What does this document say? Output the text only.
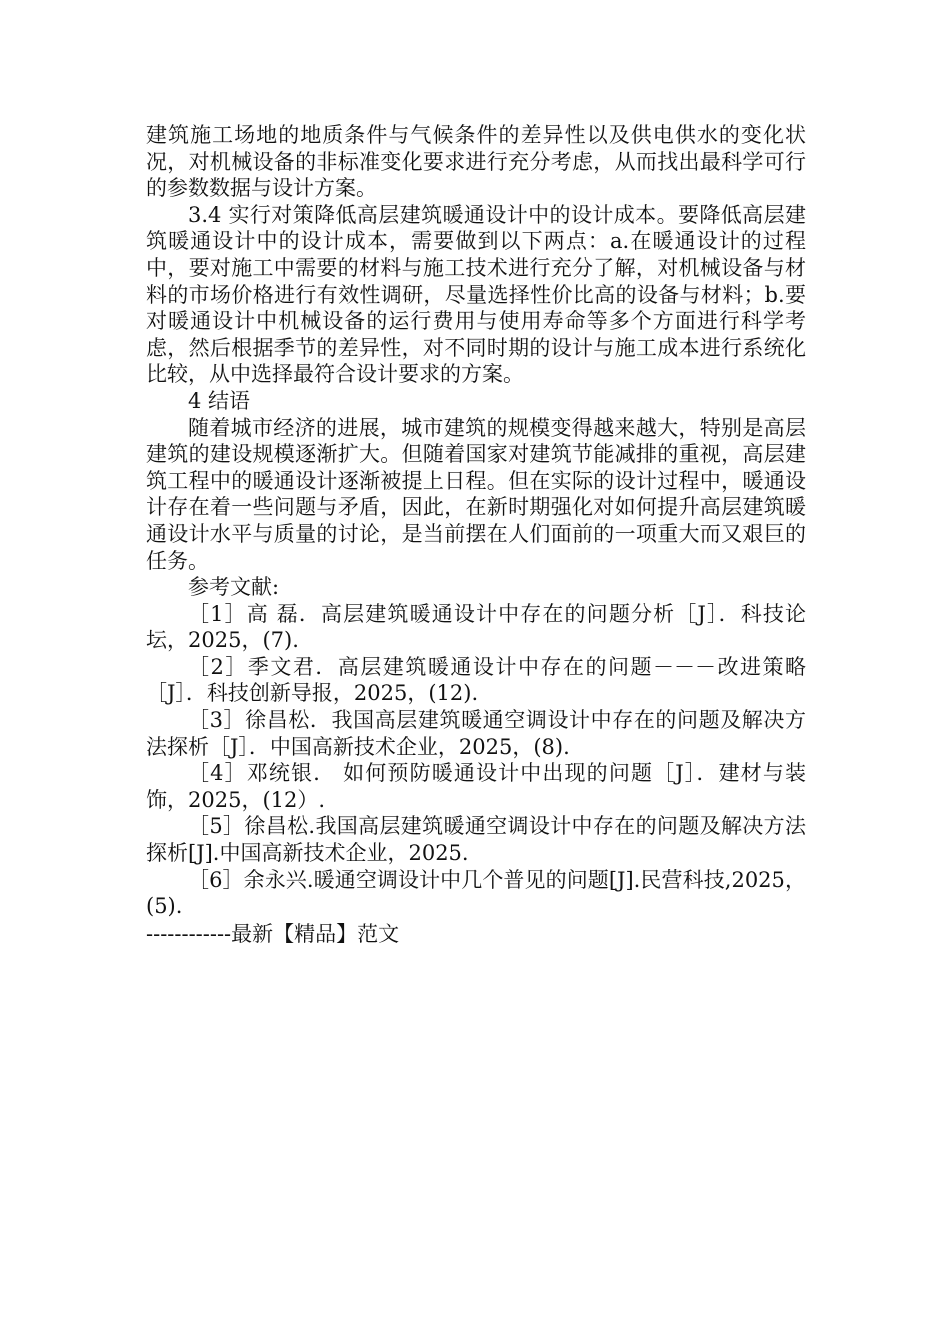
建筑施工场地的地质条件与气候条件的差异性以及供电供水的变化状况，对机械设备的非标准变化要求进行充分考虑，从而找出最科学可行的参数数据与设计方案。

3.4 实行对策降低高层建筑暖通设计中的设计成本。要降低高层建筑暖通设计中的设计成本，需要做到以下两点：a.在暖通设计的过程中，要对施工中需要的材料与施工技术进行充分了解，对机械设备与材料的市场价格进行有效性调研，尽量选择性价比高的设备与材料；b.要对暖通设计中机械设备的运行费用与使用寿命等多个方面进行科学考虑，然后根据季节的差异性，对不同时期的设计与施工成本进行系统化比较，从中选择最符合设计要求的方案。

4 结语

随着城市经济的进展，城市建筑的规模变得越来越大，特别是高层建筑的建设规模逐渐扩大。但随着国家对建筑节能减排的重视，高层建筑工程中的暖通设计逐渐被提上日程。但在实际的设计过程中，暖通设计存在着一些问题与矛盾，因此，在新时期强化对如何提升高层建筑暖通设计水平与质量的讨论，是当前摆在人们面前的一项重大而又艰巨的任务。

参考文献:

［1］高 磊．高层建筑暖通设计中存在的问题分析［J］．科技论坛，2025，(7).

［2］季文君．高层建筑暖通设计中存在的问题－－－改进策略［J］．科技创新导报，2025，(12).

［3］徐昌松．我国高层建筑暖通空调设计中存在的问题及解决方法探析［J］．中国高新技术企业，2025，(8).

［4］邓统银． 如何预防暖通设计中出现的问题［J］．建材与装饰，2025，(12）.

［5］徐昌松.我国高层建筑暖通空调设计中存在的问题及解决方法探析[J].中国高新技术企业，2025.

［6］余永兴.暖通空调设计中几个普见的问题[J].民营科技,2025，(5).

------------最新【精品】范文
